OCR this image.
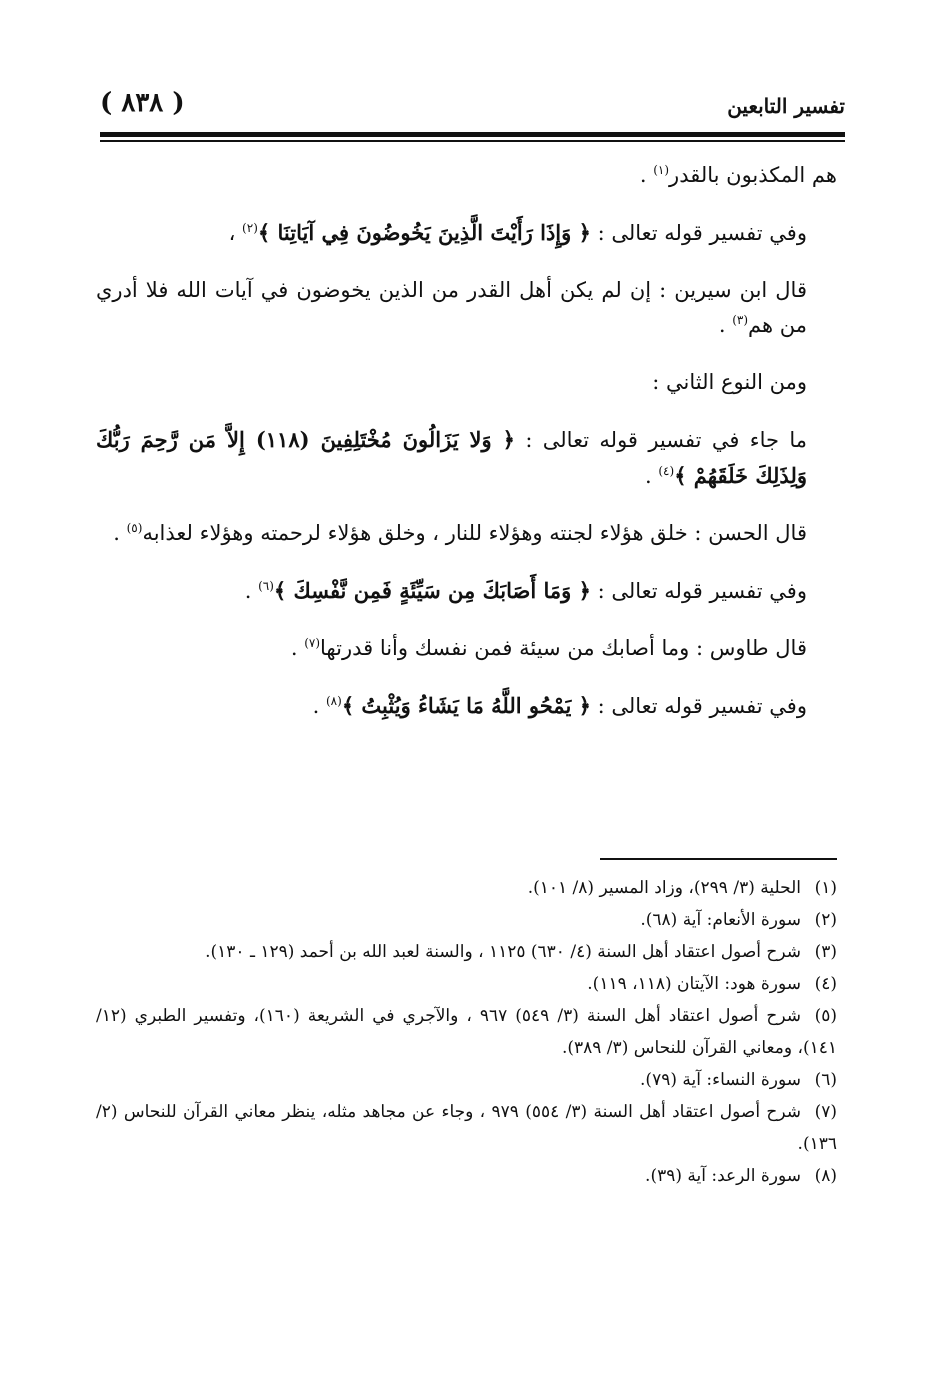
تفسير التابعين
( ٨٣٨ )

هم المكذبون بالقدر$^{(١)}$ .

وفي تفسير قوله تعالى : ﴿ وَإِذَا رَأَيْتَ الَّذِينَ يَخُوضُونَ فِي آيَاتِنَا ﴾$^{(٢)}$ ،

قال ابن سيرين : إن لم يكن أهل القدر من الذين يخوضون في آيات الله فلا أدري من هم$^{(٣)}$ .

ومن النوع الثاني :

ما جاء في تفسير قوله تعالى : ﴿ وَلا يَزَالُونَ مُخْتَلِفِينَ (١١٨) إِلاَّ مَن رَّحِمَ رَبُّكَ وَلِذَلِكَ خَلَقَهُمْ ﴾$^{(٤)}$ .

قال الحسن : خلق هؤلاء لجنته وهؤلاء للنار ، وخلق هؤلاء لرحمته وهؤلاء لعذابه$^{(٥)}$ .

وفي تفسير قوله تعالى : ﴿ وَمَا أَصَابَكَ مِن سَيِّئَةٍ فَمِن نَّفْسِكَ ﴾$^{(٦)}$ .

قال طاوس : وما أصابك من سيئة فمن نفسك وأنا قدرتها$^{(٧)}$ .

وفي تفسير قوله تعالى : ﴿ يَمْحُو اللَّهُ مَا يَشَاءُ وَيُثْبِتُ ﴾$^{(٨)}$ .

(١)الحلية (٣/ ٢٩٩)، وزاد المسير (٨/ ١٠١).

(٢)سورة الأنعام: آية (٦٨).

(٣)شرح أصول اعتقاد أهل السنة (٤/ ٦٣٠) ١١٢٥ ، والسنة لعبد الله بن أحمد (١٢٩ ـ ١٣٠).

(٤)سورة هود: الآيتان (١١٨، ١١٩).

(٥)شرح أصول اعتقاد أهل السنة (٣/ ٥٤٩) ٩٦٧ ، والآجري في الشريعة (١٦٠)، وتفسير الطبري (١٢/ ١٤١)، ومعاني القرآن للنحاس (٣/ ٣٨٩).

(٦)سورة النساء: آية (٧٩).

(٧)شرح أصول اعتقاد أهل السنة (٣/ ٥٥٤) ٩٧٩ ، وجاء عن مجاهد مثله، ينظر معاني القرآن للنحاس (٢/ ١٣٦).

(٨)سورة الرعد: آية (٣٩).
